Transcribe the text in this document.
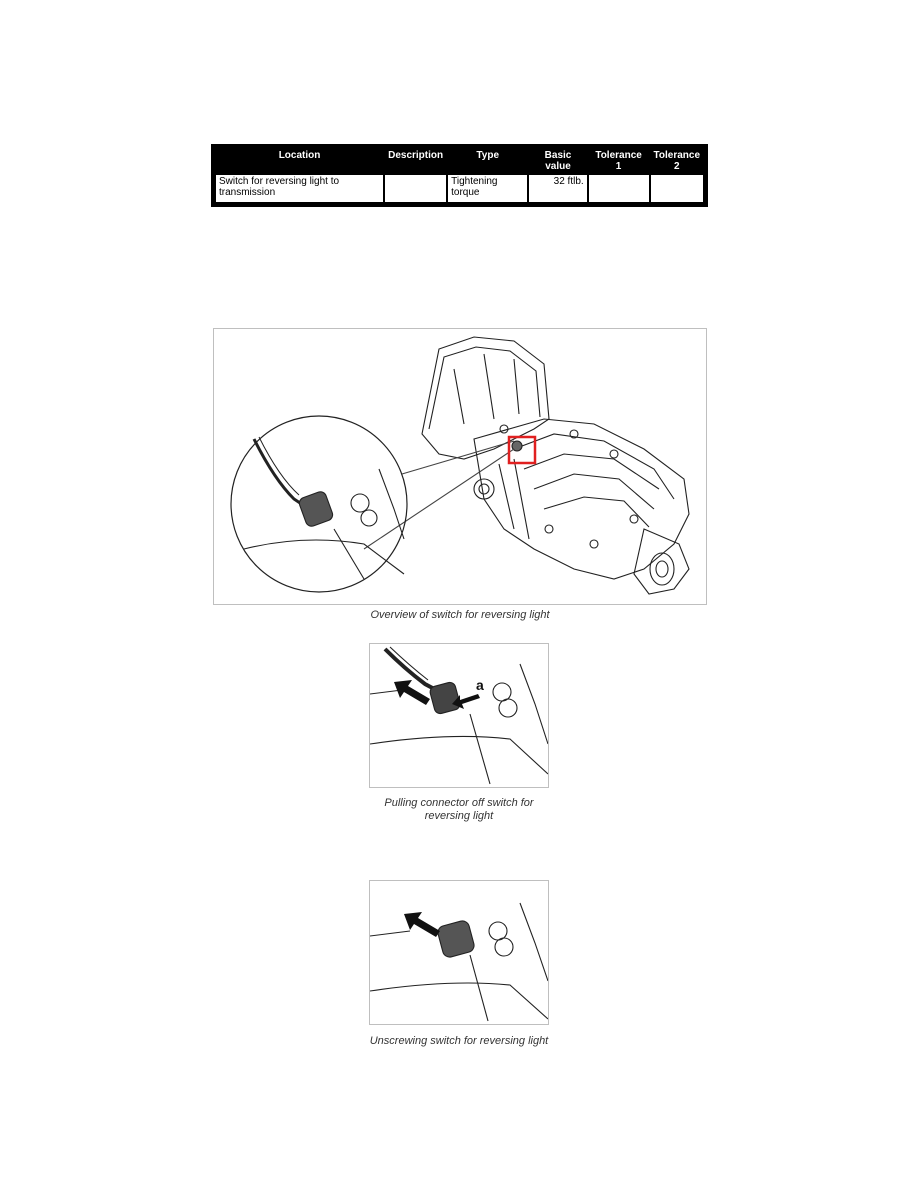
Location	Description	Type	Basic value	Tolerance 1	Tolerance 2
Switch for reversing light to transmission		Tightening torque	32 ftlb.		
Overview of switch for reversing light
a
Pulling connector off switch for reversing light
Unscrewing switch for reversing light
